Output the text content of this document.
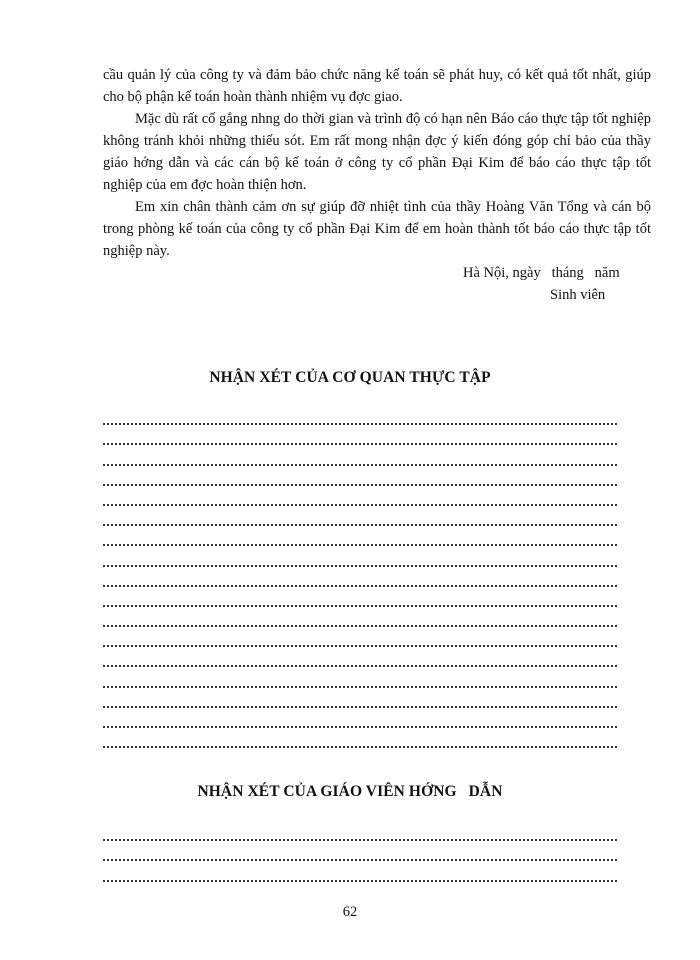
cầu quản lý của công ty và đảm bảo chức năng kế toán sẽ phát huy, có kết quả tốt nhất, giúp cho bộ phận kế toán hoàn thành nhiệm vụ đợc giao.

Mặc dù rất cố gắng nhng do thời gian và trình độ có hạn nên Báo cáo thực tập tốt nghiệp không tránh khỏi những thiếu sót. Em rất mong nhận đợc ý kiến đóng góp chỉ bảo của thầy giáo hớng dẫn và các cán bộ kế toán ở công ty cổ phần Đại Kim để báo cáo thực tập tốt nghiệp của em đợc hoàn thiện hơn.

Em xin chân thành cảm ơn sự giúp đỡ nhiệt tình của thầy Hoàng Văn Tổng và cán bộ trong phòng kế toán của công ty cổ phần Đại Kim để em hoàn thành tốt báo cáo thực tập tốt nghiệp này.

Hà Nội, ngày   tháng   năm
Sinh viên
NHẬN XÉT CỦA CƠ QUAN THỰC TẬP
NHẬN XÉT CỦA GIÁO VIÊN HỚNG   DẪN
62
